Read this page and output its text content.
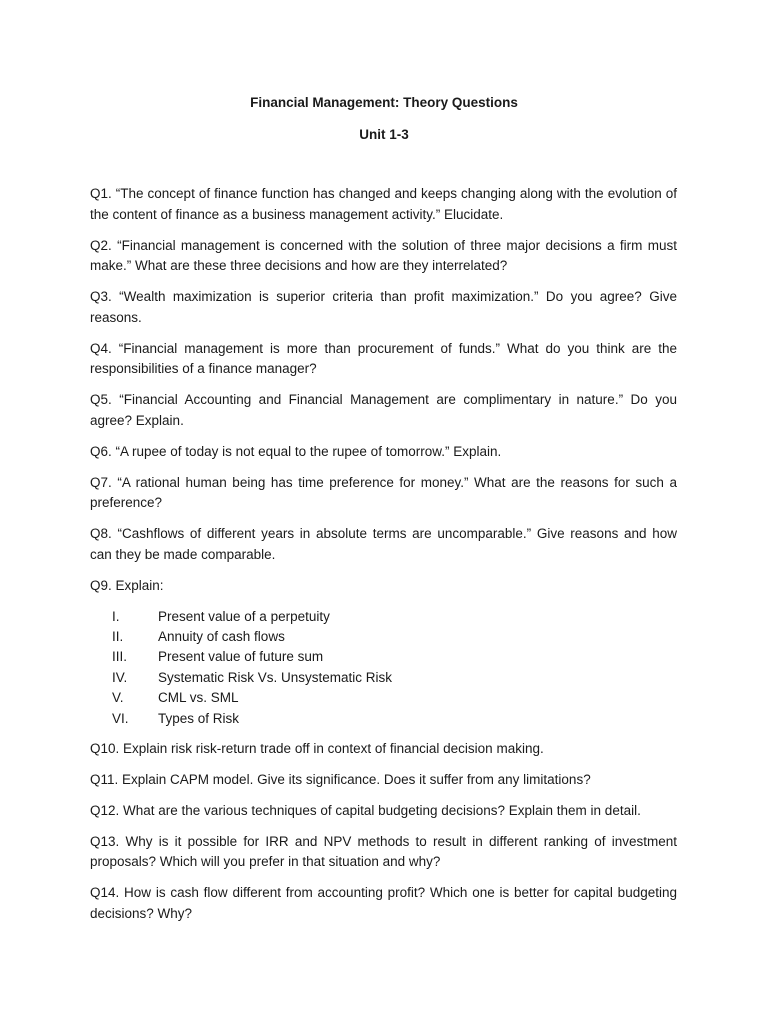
Financial Management: Theory Questions
Unit 1-3

Q1. “The concept of finance function has changed and keeps changing along with the evolution of the content of finance as a business management activity.” Elucidate.

Q2. “Financial management is concerned with the solution of three major decisions a firm must make.” What are these three decisions and how are they interrelated?

Q3. “Wealth maximization is superior criteria than profit maximization.” Do you agree? Give reasons.

Q4. “Financial management is more than procurement of funds.” What do you think are the responsibilities of a finance manager?

Q5. “Financial Accounting and Financial Management are complimentary in nature.” Do you agree? Explain.

Q6. “A rupee of today is not equal to the rupee of tomorrow.” Explain.

Q7. “A rational human being has time preference for money.” What are the reasons for such a preference?

Q8. “Cashflows of different years in absolute terms are uncomparable.” Give reasons and how can they be made comparable.

Q9. Explain:

I.	Present value of a perpetuity
II.	Annuity of cash flows
III. Present value of future sum
IV. Systematic Risk Vs. Unsystematic Risk
V.	CML vs. SML
VI. Types of Risk

Q10. Explain risk risk-return trade off in context of financial decision making.

Q11. Explain CAPM model. Give its significance. Does it suffer from any limitations?

Q12. What are the various techniques of capital budgeting decisions? Explain them in detail.

Q13. Why is it possible for IRR and NPV methods to result in different ranking of investment proposals? Which will you prefer in that situation and why?

Q14. How is cash flow different from accounting profit? Which one is better for capital budgeting decisions? Why?
